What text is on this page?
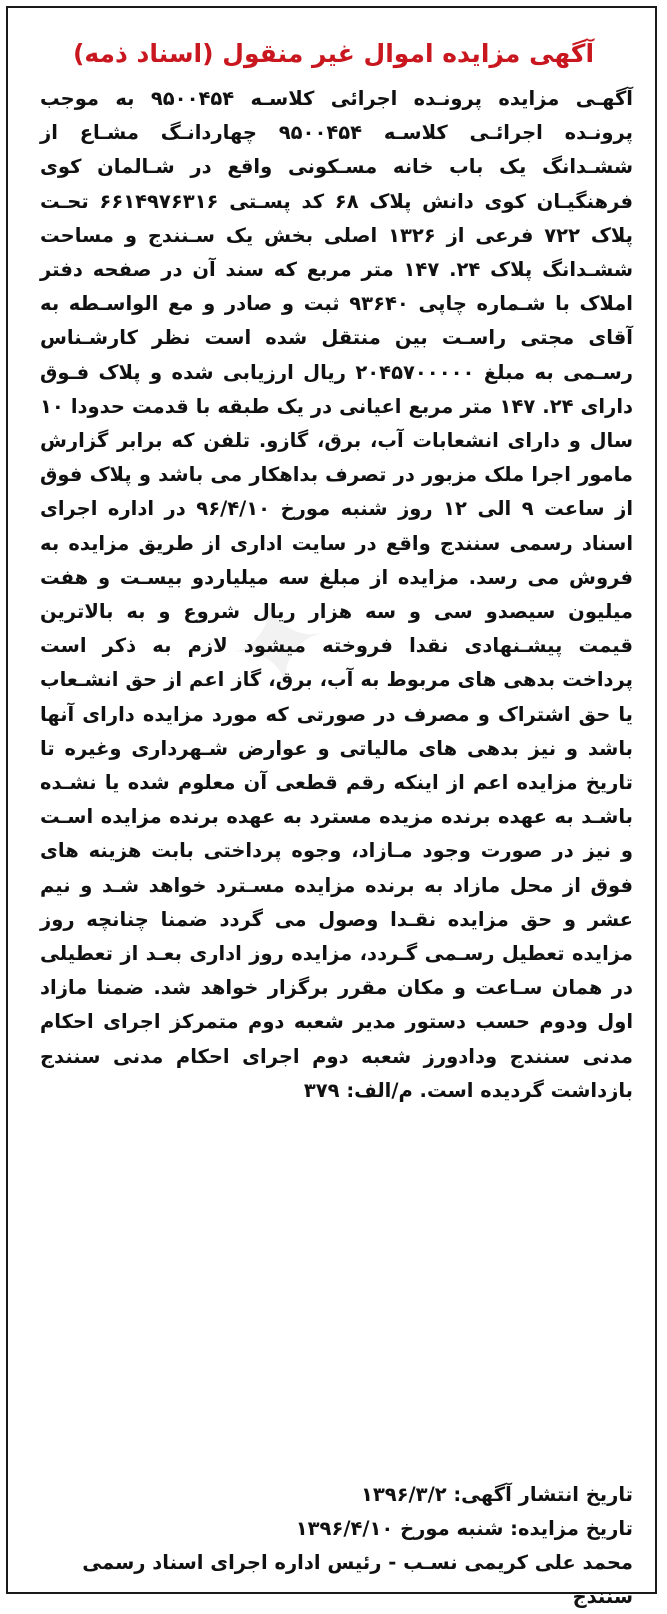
✦
آگهی مزایده اموال غیر منقول (اسناد ذمه)
آگهـی مزایده پرونـده اجرائی کلاسـه ۹۵۰۰۴۵۴ به موجب پرونـده اجرائـی کلاسـه ۹۵۰۰۴۵۴ چهاردانـگ مشـاع از ششـدانگ یک باب خانه مسـکونی واقع در شـالمان کوی فرهنگیـان کوی دانش پلاک ۶۸ کد پسـتی ۶۶۱۴۹۷۶۳۱۶ تحـت پلاک ۷۲۲ فرعی از ۱۳۲۶ اصلی بخش یک سـنندج و مساحت ششـدانگ پلاک ۲۴. ۱۴۷ متر مربع که سند آن در صفحه دفتر املاک با شـماره چاپی ۹۳۶۴۰ ثبت و صادر و مع الواسـطه به آقای مجتی راسـت بین منتقل شده است نظر کارشـناس رسـمی به مبلغ ۲۰۴۵۷۰۰۰۰۰ ریال ارزیابی شده و پلاک فـوق دارای ۲۴. ۱۴۷ متر مربع اعیانی در یک طبقه با قدمت حدودا ۱۰ سال و دارای انشعابات آب، برق، گازو. تلفن که برابر گزارش مامور اجرا ملک مزبور در تصرف بداهکار می باشد و پلاک فوق از ساعت ۹ الی ۱۲ روز شنبه مورخ ۹۶/۴/۱۰ در اداره اجرای اسناد رسمی سنندج واقع در سایت اداری از طریق مزایده به فروش می رسد. مزایده از مبلغ سه میلیاردو بیسـت و هفت میلیون سیصدو سی و سه هزار ریال شروع و به بالاترین قیمت پیشـنهادی نقدا فروخته میشود لازم به ذکر است پرداخت بدهی های مربوط به آب، برق، گاز اعم از حق انشـعاب یا حق اشتراک و مصرف در صورتی که مورد مزایده دارای آنها باشد و نیز بدهی های مالیاتی و عوارض شـهرداری وغیره تا تاریخ مزایده اعم از اینکه رقم قطعی آن معلوم شده یا نشـده باشـد به عهده برنده مزیده مسترد به عهده برنده مزایده اسـت و نیز در صورت وجود مـازاد، وجوه پرداختی بابت هزینه های فوق از محل مازاد به برنده مزایده مسـترد خواهد شـد و نیم عشر و حق مزایده نقـدا وصول می گردد ضمنا چنانچه روز مزایده تعطیل رسـمی گـردد، مزایده روز اداری بعـد از تعطیلی در همان سـاعت و مکان مقرر برگزار خواهد شد. ضمنا مازاد اول ودوم حسب دستور مدیر شعبه دوم متمرکز اجرای احکام مدنی سنندج ودادورز شعبه دوم اجرای احکام مدنی سنندج بازداشت گردیده است. م/الف: ۳۷۹
تاریخ انتشار آگهی: ۱۳۹۶/۳/۲
تاریخ مزایده: شنبه مورخ ۱۳۹۶/۴/۱۰
محمد علی کریمی نسـب - رئیس اداره اجرای اسناد رسمی سنندج
